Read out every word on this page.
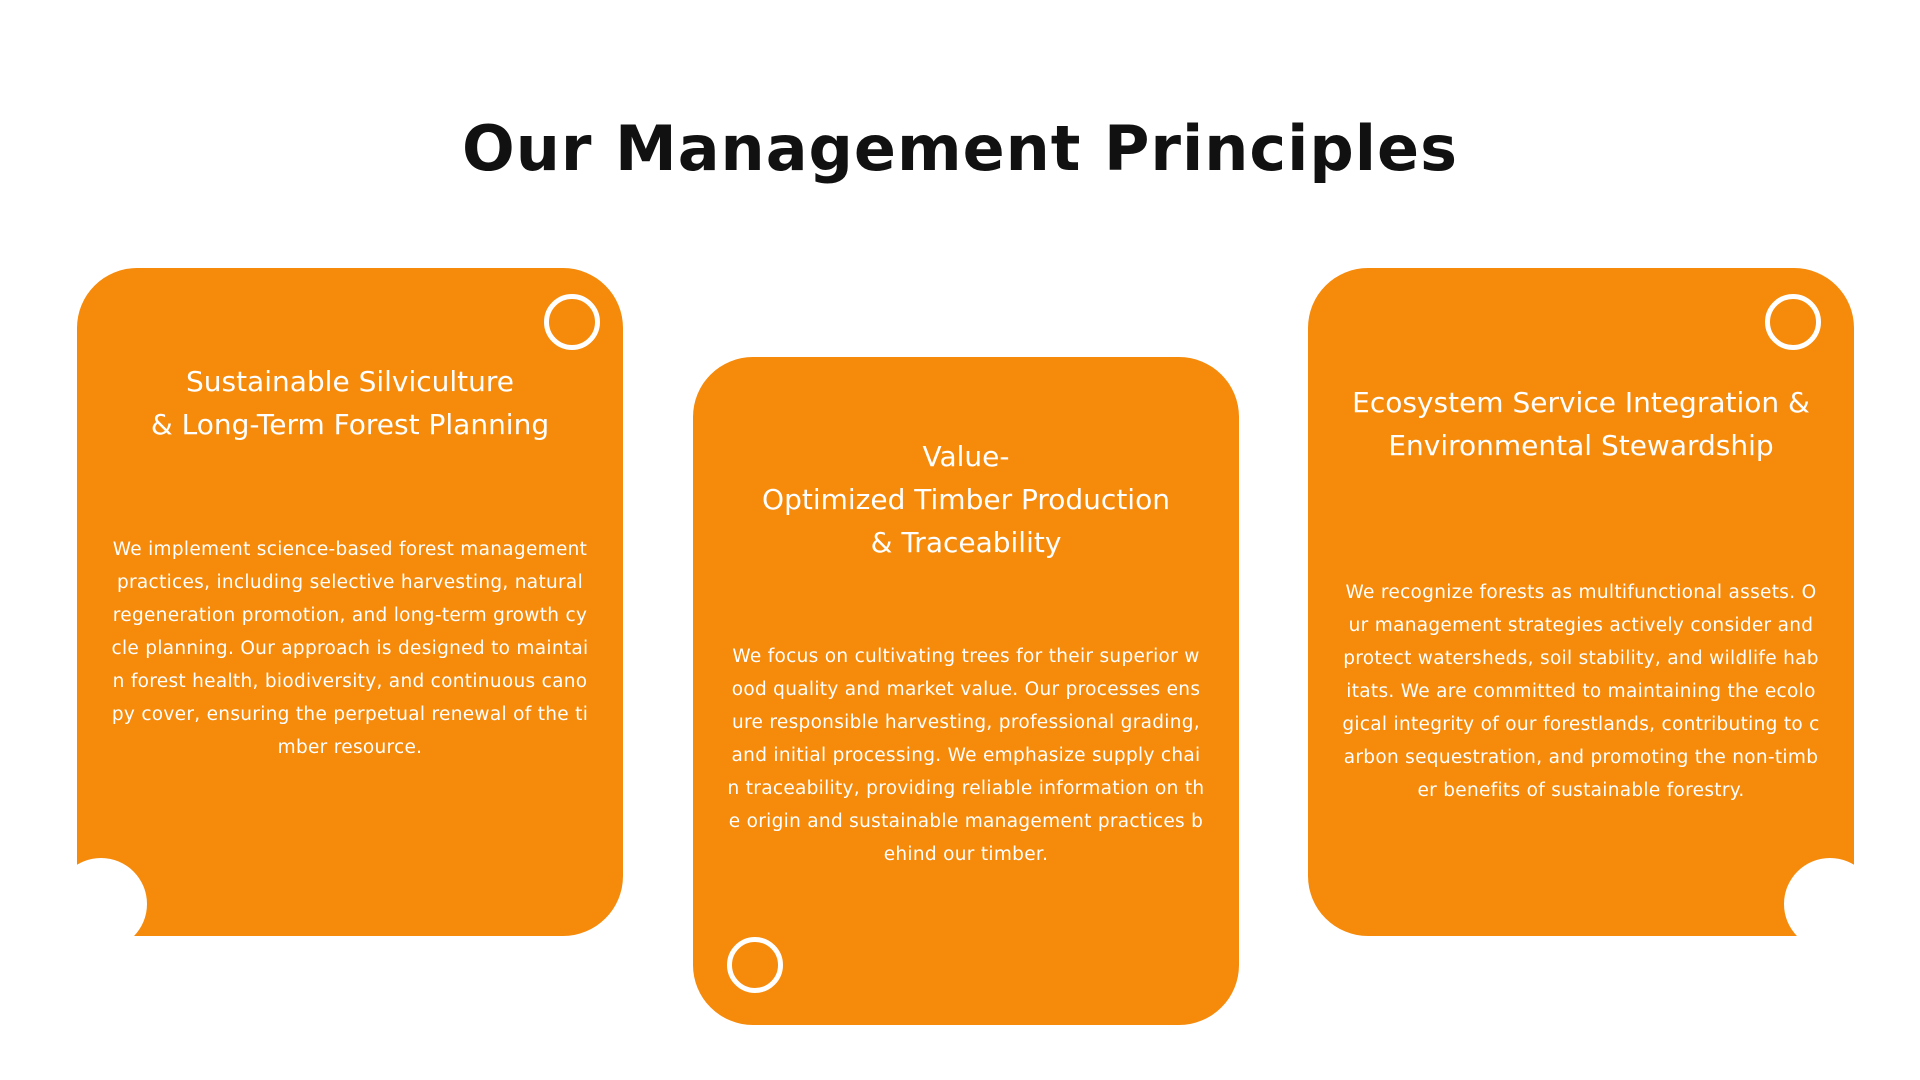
Our Management Principles
Sustainable Silviculture
& Long-Term Forest Planning

We implement science-based forest management practices, including selective harvesting, natural regeneration promotion, and long-term growth cycle planning. Our approach is designed to maintain forest health, biodiversity, and continuous canopy cover, ensuring the perpetual renewal of the timber resource.

Value-
Optimized Timber Production
& Traceability

We focus on cultivating trees for their superior wood quality and market value. Our processes ensure responsible harvesting, professional grading, and initial processing. We emphasize supply chain traceability, providing reliable information on the origin and sustainable management practices behind our timber.

Ecosystem Service Integration &
Environmental Stewardship

We recognize forests as multifunctional assets. Our management strategies actively consider and protect watersheds, soil stability, and wildlife habitats. We are committed to maintaining the ecological integrity of our forestlands, contributing to carbon sequestration, and promoting the non-timber benefits of sustainable forestry.
